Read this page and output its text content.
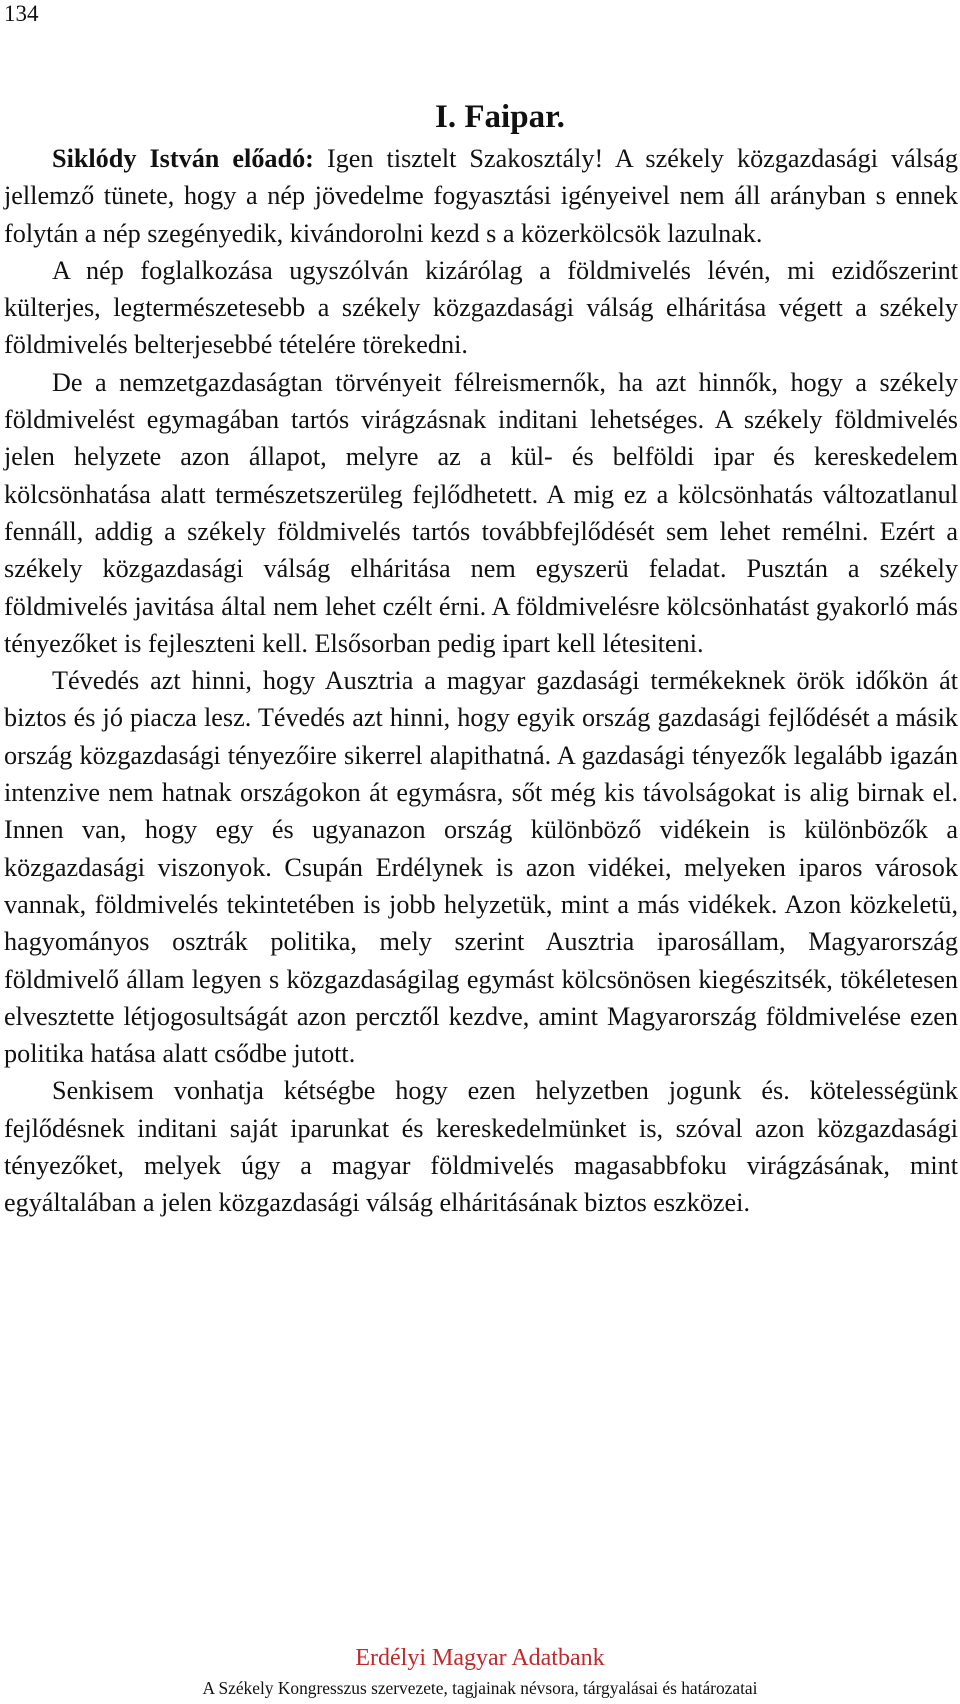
134
I. Faipar.

Siklódy István előadó: Igen tisztelt Szakosztály! A székely közgazdasági válság jellemző tünete, hogy a nép jövedelme fogyasztási igényeivel nem áll arányban s ennek folytán a nép szegényedik, kivándorolni kezd s a közerkölcsök lazulnak.

A nép foglalkozása ugyszólván kizárólag a földmivelés lévén, mi ezidőszerint külterjes, legtermészetesebb a székely közgazdasági válság elháritása végett a székely földmivelés belterjesebbé tételére törekedni.

De a nemzetgazdaságtan törvényeit félreismernők, ha azt hinnők, hogy a székely földmivelést egymagában tartós virágzásnak inditani lehetséges. A székely földmivelés jelen helyzete azon állapot, melyre az a kül- és belföldi ipar és kereskedelem kölcsönhatása alatt természetszerüleg fejlődhetett. A mig ez a kölcsönhatás változatlanul fennáll, addig a székely földmivelés tartós továbbfejlődését sem lehet remélni. Ezért a székely közgazdasági válság elháritása nem egyszerü feladat. Pusztán a székely földmivelés javitása által nem lehet czélt érni. A földmivelésre kölcsönhatást gyakorló más tényezőket is fejleszteni kell. Elsősorban pedig ipart kell létesiteni.

Tévedés azt hinni, hogy Ausztria a magyar gazdasági termékeknek örök időkön át biztos és jó piacza lesz. Tévedés azt hinni, hogy egyik ország gazdasági fejlődését a másik ország közgazdasági tényezőire sikerrel alapithatná. A gazdasági tényezők legalább igazán intenzive nem hatnak országokon át egymásra, sőt még kis távolságokat is alig birnak el. Innen van, hogy egy és ugyanazon ország különböző vidékein is különbözők a közgazdasági viszonyok. Csupán Erdélynek is azon vidékei, melyeken iparos városok vannak, földmivelés tekintetében is jobb helyzetük, mint a más vidékek. Azon közkeletü, hagyományos osztrák politika, mely szerint Ausztria iparosállam, Magyarország földmivelő állam legyen s közgazdaságilag egymást kölcsönösen kiegészitsék, tökéletesen elvesztette létjogosultságát azon percztől kezdve, amint Magyarország földmivelése ezen politika hatása alatt csődbe jutott.

Senkisem vonhatja kétségbe hogy ezen helyzetben jogunk és. kötelességünk fejlődésnek inditani saját iparunkat és kereskedelmünket is, szóval azon közgazdasági tényezőket, melyek úgy a magyar földmivelés magasabbfoku virágzásának, mint egyáltalában a jelen közgazdasági válság elháritásának biztos eszközei.

Erdélyi Magyar Adatbank
A Székely Kongresszus szervezete, tagjainak névsora, tárgyalásai és határozatai
